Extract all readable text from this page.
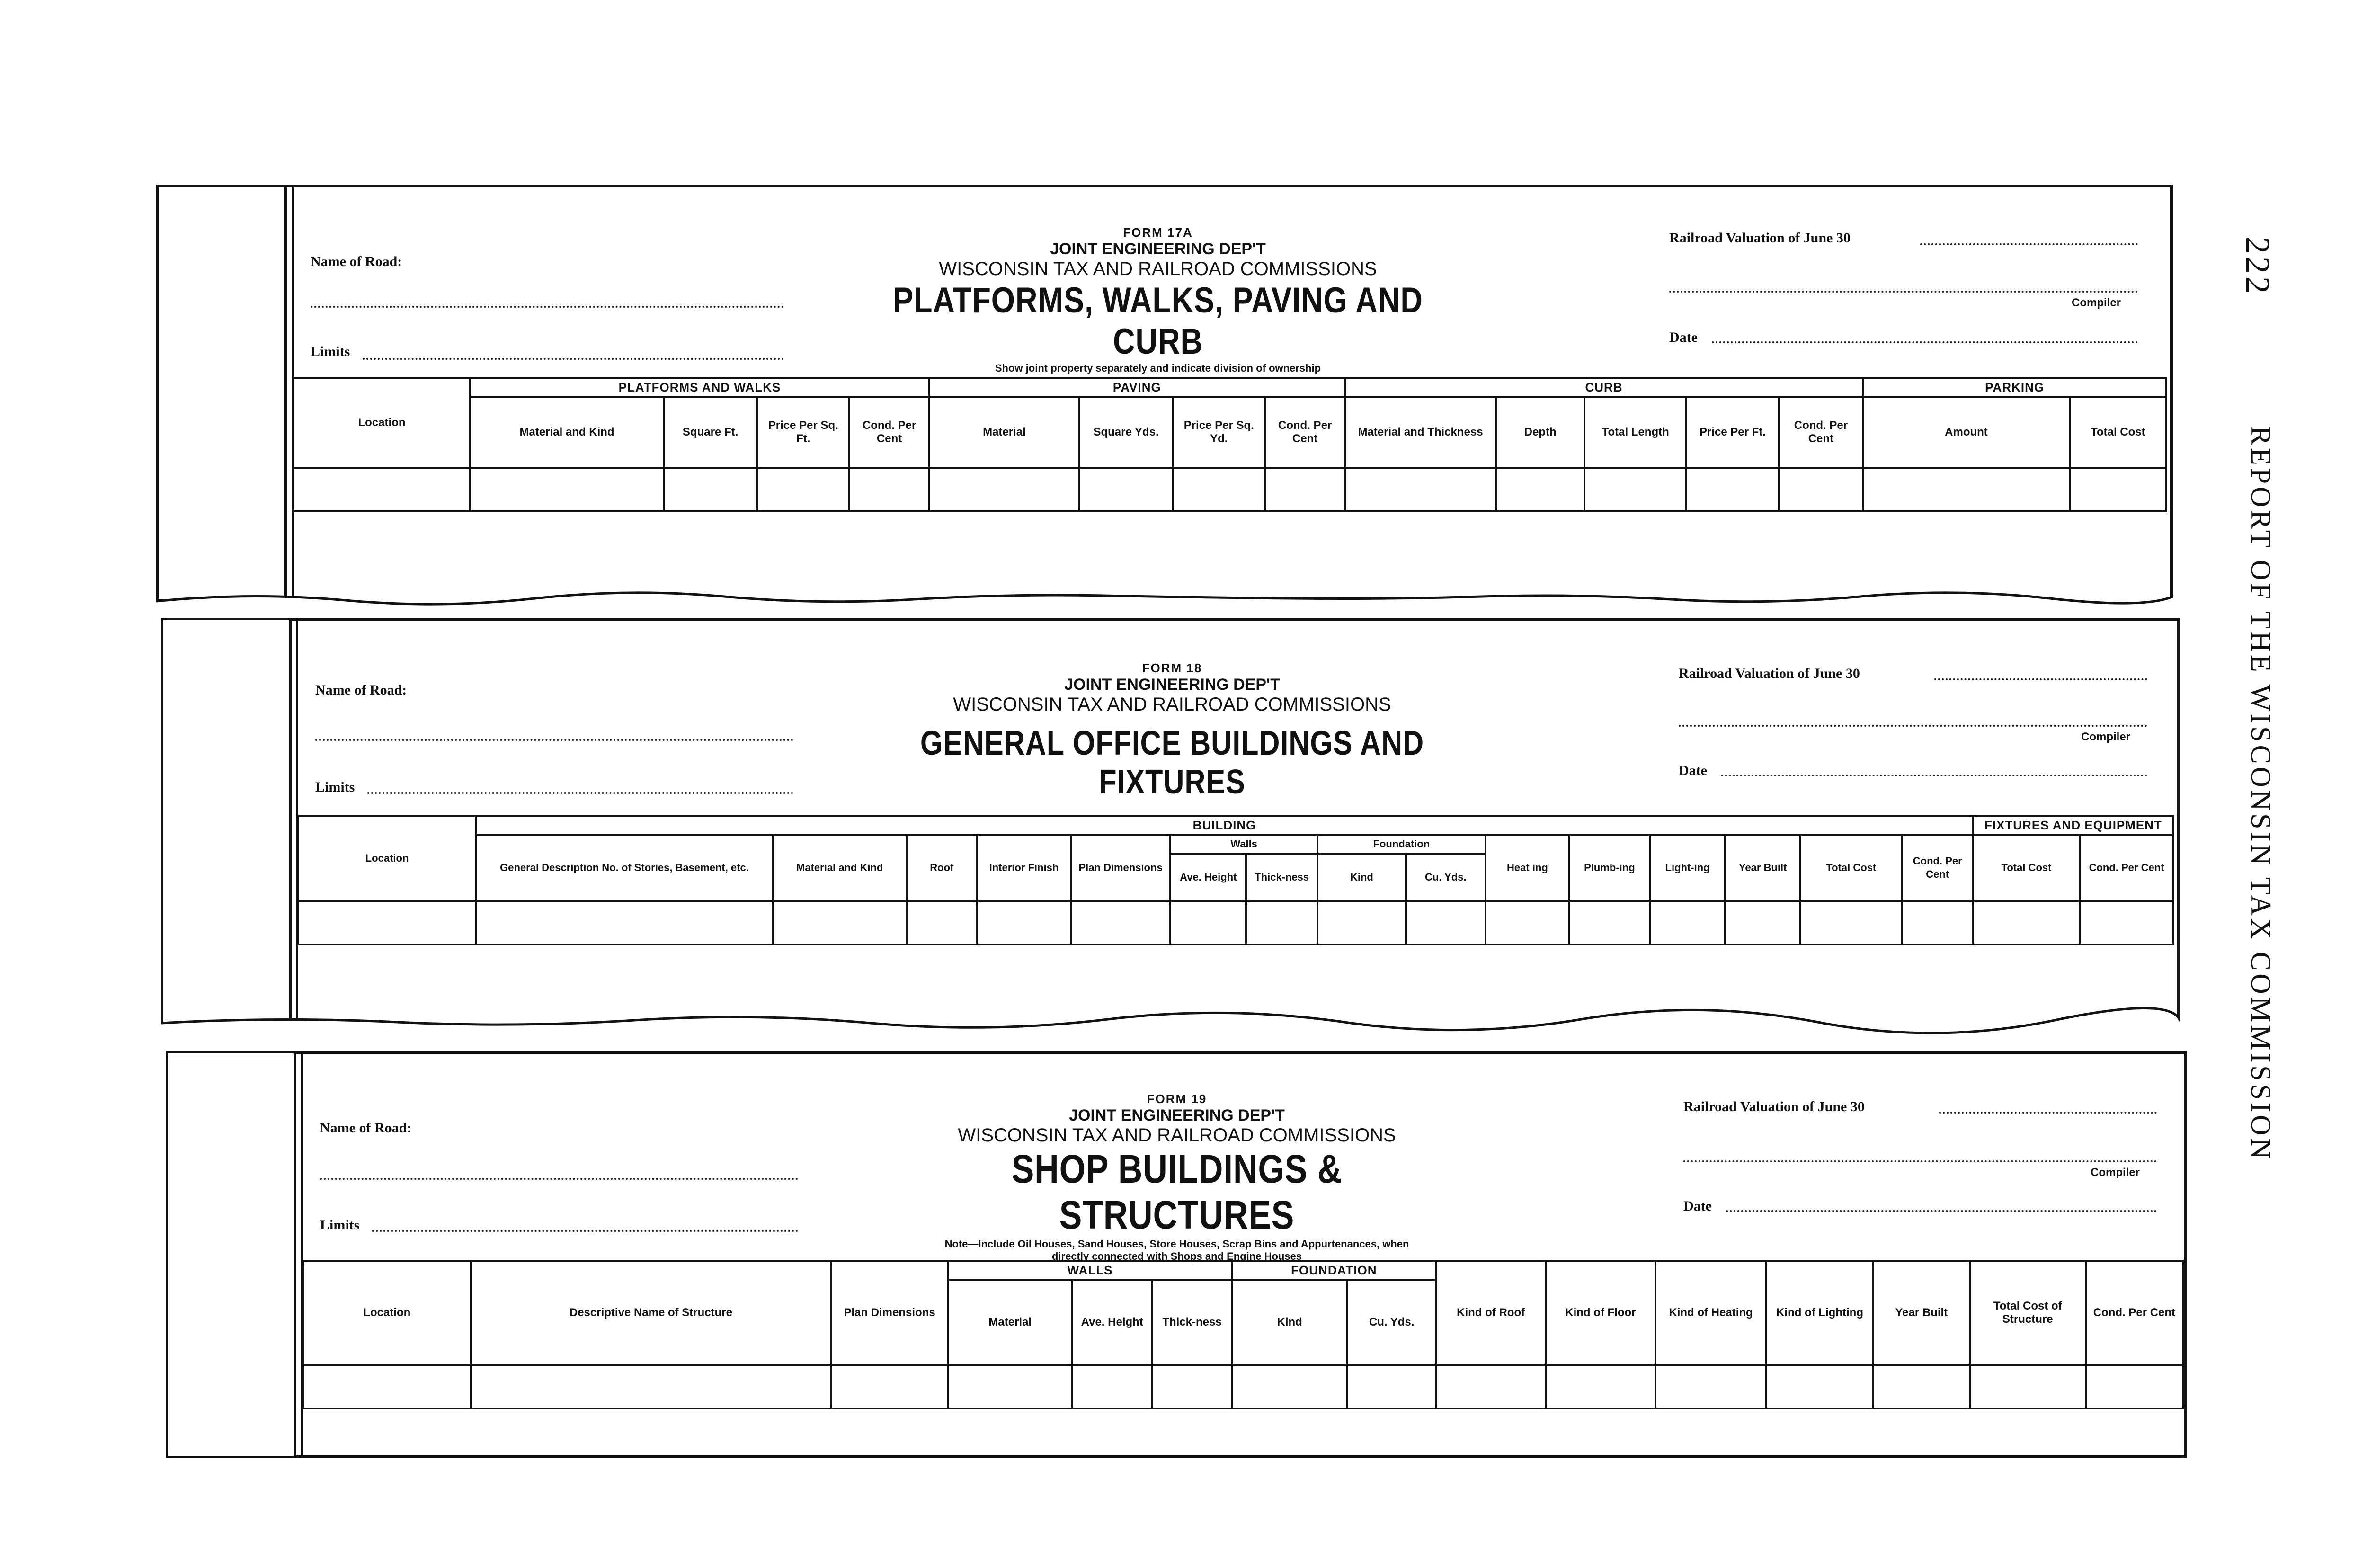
222
REPORT OF THE WISCONSIN TAX COMMISSION
Name of Road:
Limits
FORM 17A
JOINT ENGINEERING DEP'T
WISCONSIN TAX AND RAILROAD COMMISSIONS
PLATFORMS, WALKS, PAVING AND CURB
Show joint property separately and indicate division of ownership
Railroad Valuation of June 30
Compiler
Date
Location	PLATFORMS AND WALKS				PAVING				CURB					PARKING	
	Material and Kind	Square Ft.	Price Per Sq. Ft.	Cond. Per Cent	Material	Square Yds.	Price Per Sq. Yd.	Cond. Per Cent	Material and Thickness	Depth	Total Length	Price Per Ft.	Cond. Per Cent	Amount	Total Cost

Name of Road:
Limits
FORM 18
JOINT ENGINEERING DEP'T
WISCONSIN TAX AND RAILROAD COMMISSIONS
GENERAL OFFICE BUILDINGS AND FIXTURES
Railroad Valuation of June 30
Compiler
Date
Location	BUILDING															FIXTURES AND EQUIPMENT	
	General Description No. of Stories, Basement, etc.	Material and Kind	Roof	Interior Finish	Plan Dimensions	Walls		Foundation		Heat ing	Plumb-ing	Light-ing	Year Built	Total Cost	Cond. Per Cent	Total Cost	Cond. Per Cent
						Ave. Height	Thick-ness	Kind	Cu. Yds.								

Name of Road:
Limits
FORM 19
JOINT ENGINEERING DEP'T
WISCONSIN TAX AND RAILROAD COMMISSIONS
SHOP BUILDINGS & STRUCTURES
Note—Include Oil Houses, Sand Houses, Store Houses, Scrap Bins and Appurtenances, when directly connected with Shops and Engine Houses
Railroad Valuation of June 30
Compiler
Date
Location	Descriptive Name of Structure	Plan Dimensions	WALLS			FOUNDATION		Kind of Roof	Kind of Floor	Kind of Heating	Kind of Lighting	Year Built	Total Cost of Structure	Cond. Per Cent
			Material	Ave. Height	Thick-ness	Kind	Cu. Yds.							
